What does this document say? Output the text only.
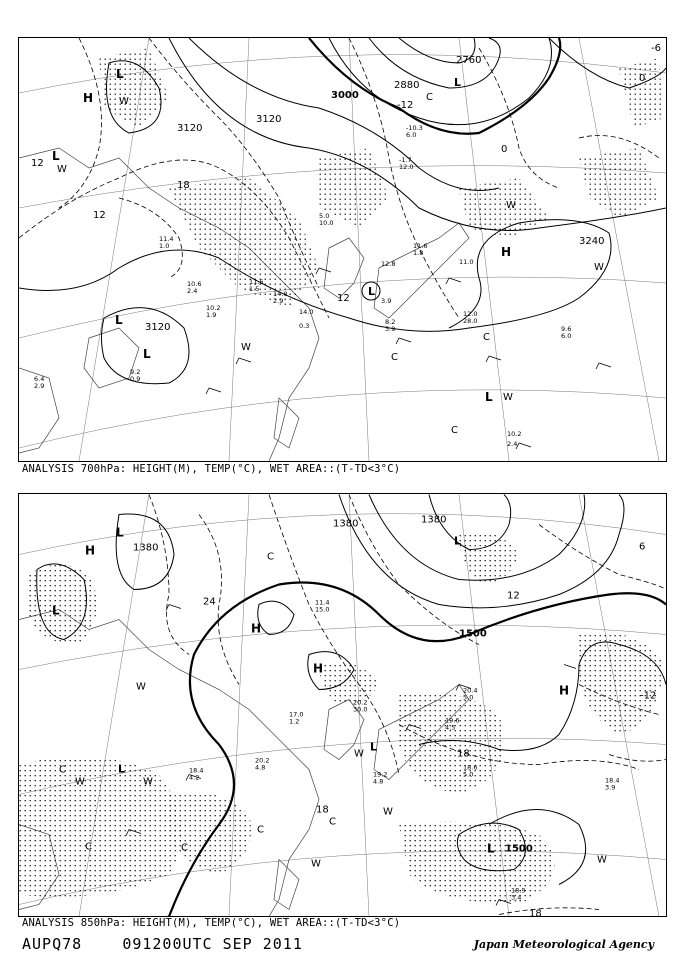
H
L
L
L
L
H
L
L
L
W
W
W
W
W
C
C
C
C
W
3000
2880
2760
3120
3120
3240
3120
-12
-6
0
12
18
12
12
0
11.4
1.0
10.6
2.4
11.6
1.5
10.2
1.9
14.0
2.9
14.0
0.3
12.8
3.9
8.2
3.9
11.6
1.8
11.0
12.0
28.0
9.6
6.0
10.2
2.4
9.2
0.9
6.4
2.9
-10.3
6.0
-1.7
12.0
5.0
10.0
ANALYSIS 700hPa: HEIGHT(M), TEMP(°C), WET AREA::(T-TD<3°C)
H
L
L
H
H
L
H
L
L
L
C
W
W
C
C
W
W
W
C
W
C
C
W
1380
1380	1380
1500
1500
24
18
12
18
-12
6
18
11.4
15.0
20.4
5.0
19.6
4.5
18.6
5.0
18.4
3.9
18.9
3.4
17.0
1.2
20.2
30.0
20.2
4.8
19.2
4.8
18.4
4.2
ANALYSIS 850hPa: HEIGHT(M), TEMP(°C), WET AREA::(T-TD<3°C)
AUPQ78	091200UTC SEP 2011	Japan Meteorological Agency
